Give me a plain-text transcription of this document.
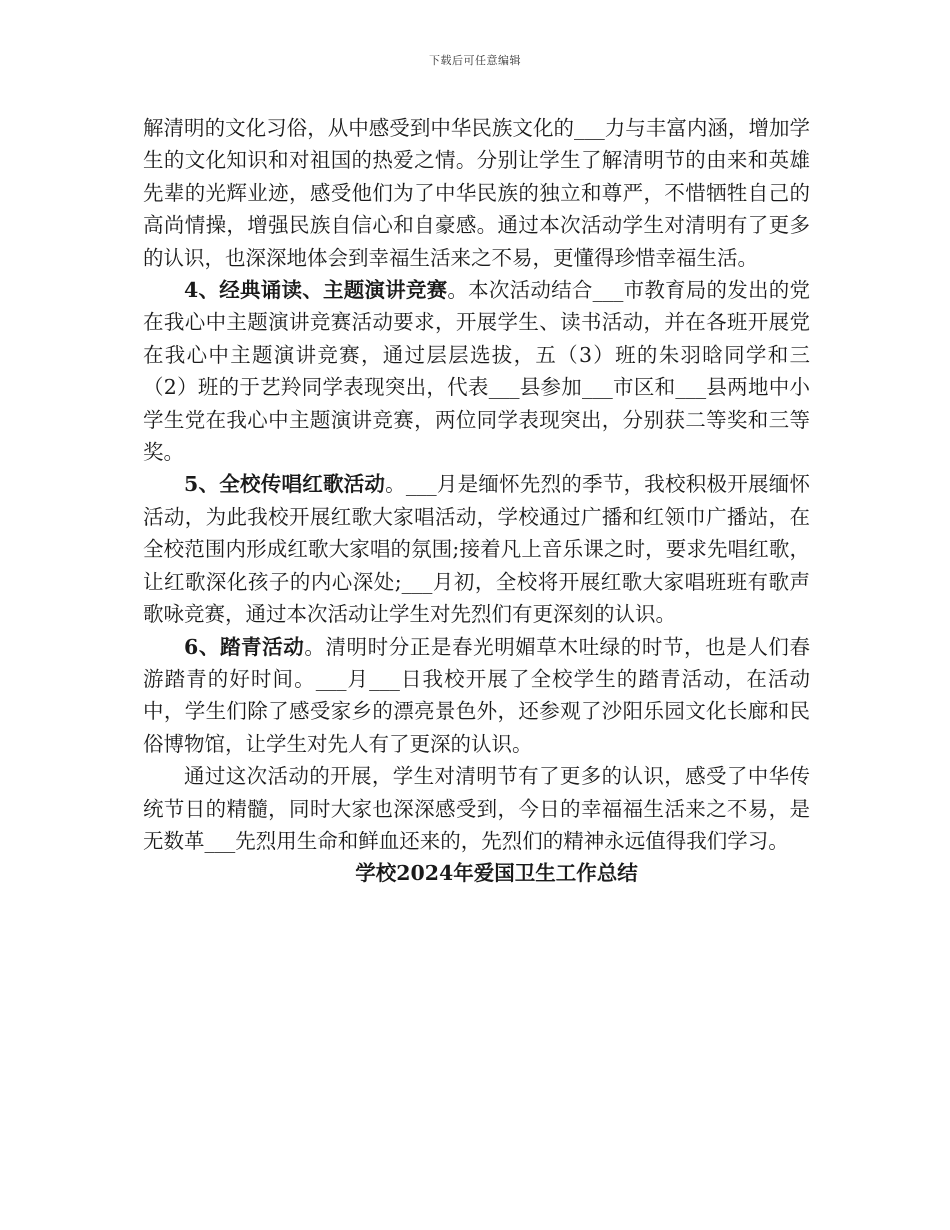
下载后可任意编辑

解清明的文化习俗，从中感受到中华民族文化的___力与丰富内涵，增加学生的文化知识和对祖国的热爱之情。分别让学生了解清明节的由来和英雄先辈的光辉业迹，感受他们为了中华民族的独立和尊严，不惜牺牲自己的高尚情操，增强民族自信心和自豪感。通过本次活动学生对清明有了更多的认识，也深深地体会到幸福生活来之不易，更懂得珍惜幸福生活。

4、经典诵读、主题演讲竞赛。本次活动结合___市教育局的发出的党在我心中主题演讲竞赛活动要求，开展学生、读书活动，并在各班开展党在我心中主题演讲竞赛，通过层层选拔，五（3）班的朱羽晗同学和三（2）班的于艺羚同学表现突出，代表___县参加___市区和___县两地中小学生党在我心中主题演讲竞赛，两位同学表现突出，分别获二等奖和三等奖。

5、全校传唱红歌活动。___月是缅怀先烈的季节，我校积极开展缅怀活动，为此我校开展红歌大家唱活动，学校通过广播和红领巾广播站，在全校范围内形成红歌大家唱的氛围;接着凡上音乐课之时，要求先唱红歌，让红歌深化孩子的内心深处;___月初，全校将开展红歌大家唱班班有歌声歌咏竞赛，通过本次活动让学生对先烈们有更深刻的认识。

6、踏青活动。清明时分正是春光明媚草木吐绿的时节，也是人们春游踏青的好时间。___月___日我校开展了全校学生的踏青活动，在活动中，学生们除了感受家乡的漂亮景色外，还参观了沙阳乐园文化长廊和民俗博物馆，让学生对先人有了更深的认识。

通过这次活动的开展，学生对清明节有了更多的认识，感受了中华传统节日的精髓，同时大家也深深感受到，今日的幸福福生活来之不易，是无数革___先烈用生命和鲜血还来的，先烈们的精神永远值得我们学习。

学校2024年爱国卫生工作总结
